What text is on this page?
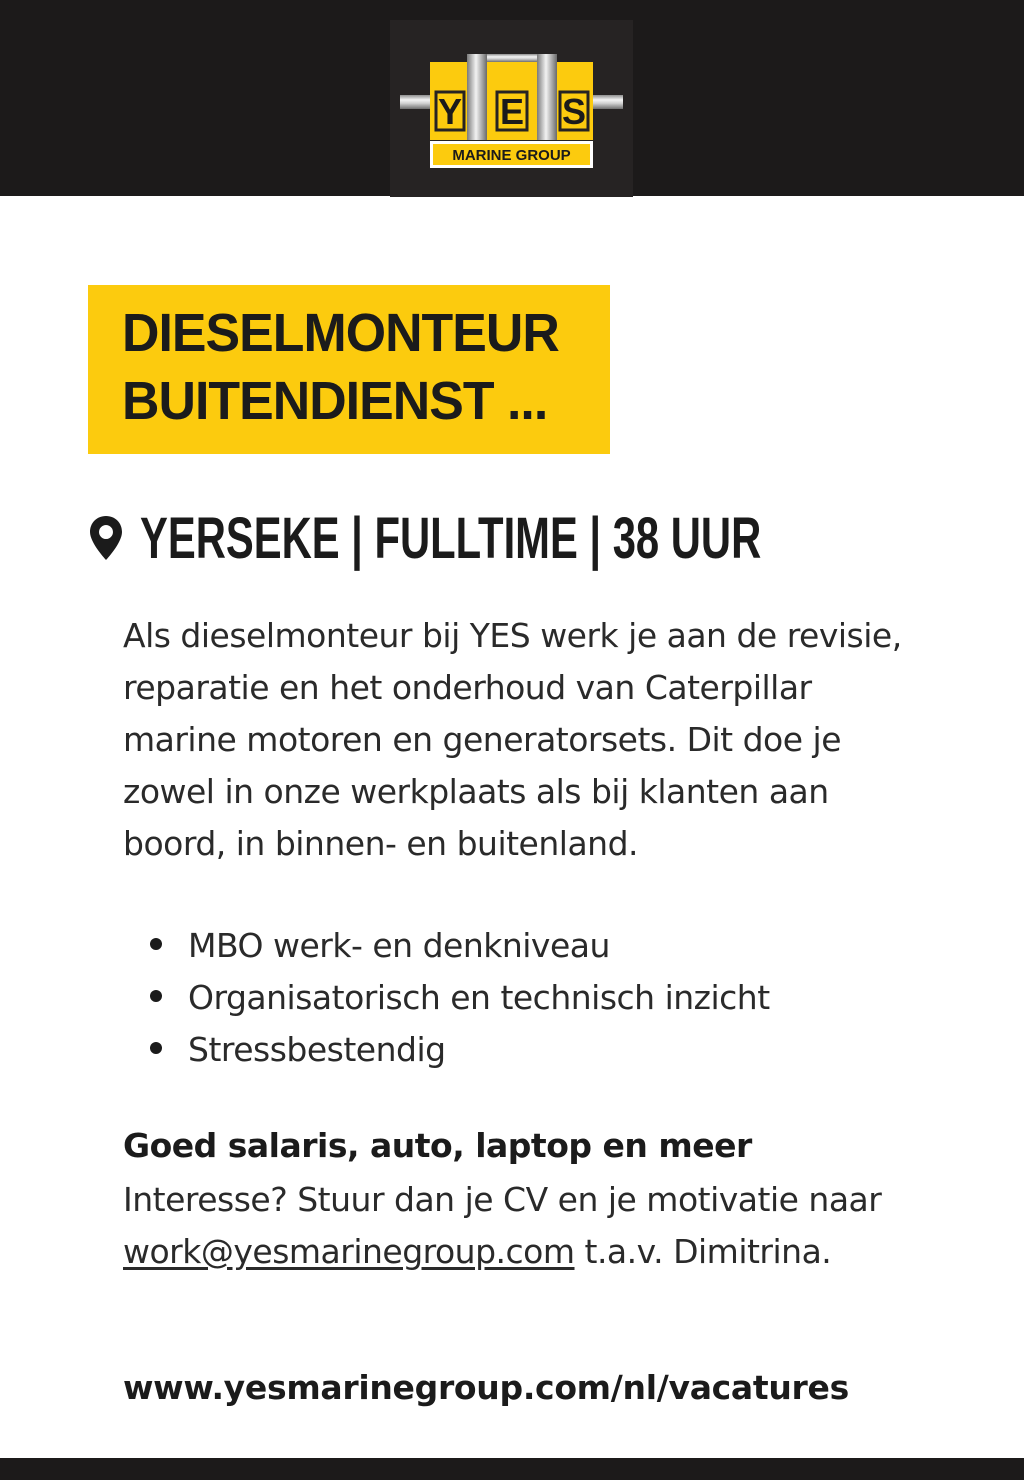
Y E S
MARINE GROUP
DIESELMONTEUR
BUITENDIENST ...
YERSEKE | FULLTIME | 38 UUR

Als dieselmonteur bij YES werk je aan de revisie,
reparatie en het onderhoud van Caterpillar
marine motoren en generatorsets. Dit doe je
zowel in onze werkplaats als bij klanten aan
boord, in binnen- en buitenland.

MBO werk- en denkniveau
Organisatorisch en technisch inzicht
Stressbestendig
Goed salaris, auto, laptop en meer
Interesse? Stuur dan je CV en je motivatie naar
work@yesmarinegroup.com t.a.v. Dimitrina.
www.yesmarinegroup.com/nl/vacatures
